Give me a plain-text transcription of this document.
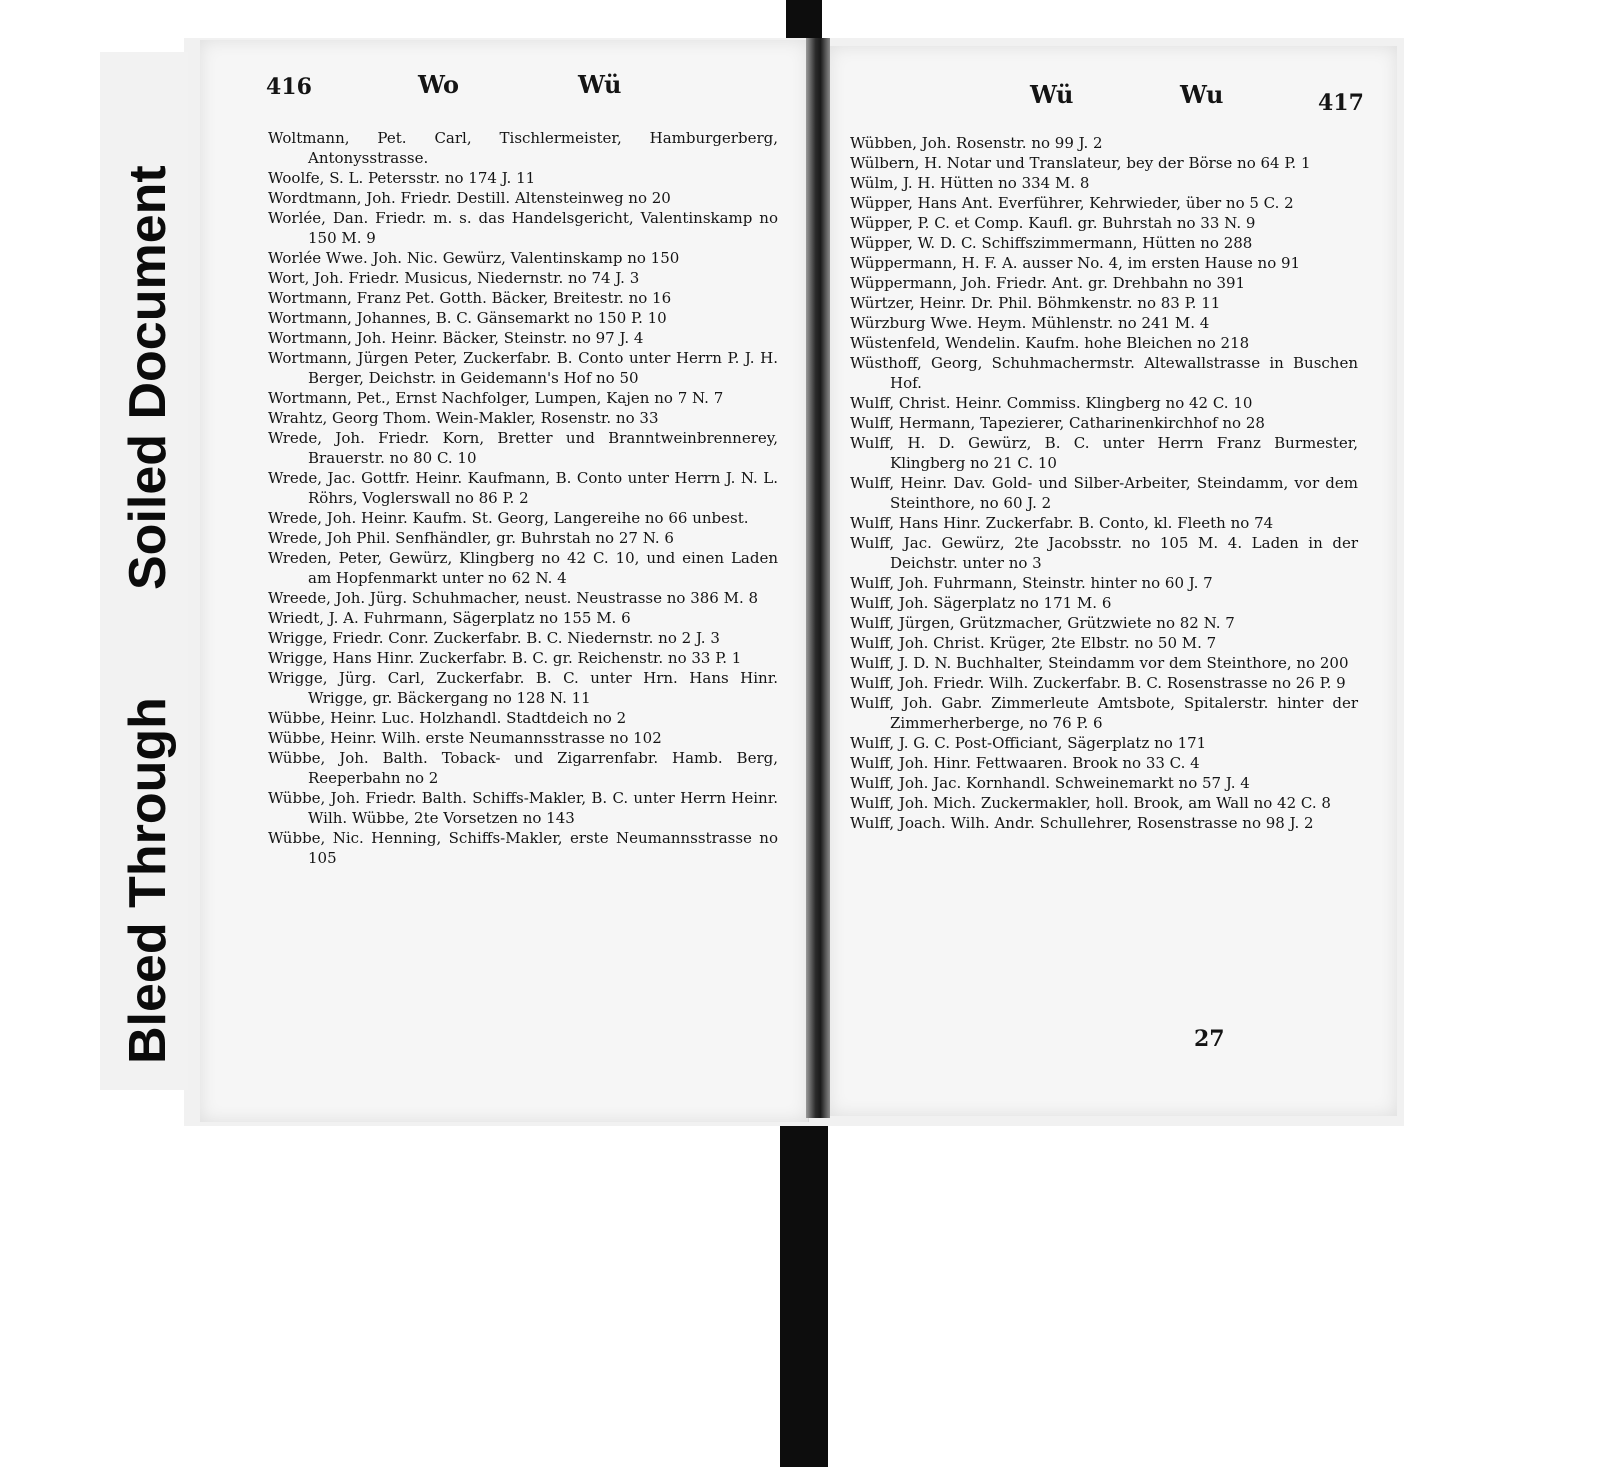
Soiled Document
Bleed Through
416	Wo	Wü	Wü	Wu	417
Woltmann, Pet. Carl, Tischlermeister, Hamburgerberg, Antonysstrasse.
Woolfe, S. L. Petersstr. no 174 J. 11
Wordtmann, Joh. Friedr. Destill. Altensteinweg no 20
Worlée, Dan. Friedr. m. s. das Handelsgericht, Valentinskamp no 150 M. 9
Worlée Wwe. Joh. Nic. Gewürz, Valentinskamp no 150
Wort, Joh. Friedr. Musicus, Niedernstr. no 74 J. 3
Wortmann, Franz Pet. Gotth. Bäcker, Breitestr. no 16
Wortmann, Johannes, B. C. Gänsemarkt no 150 P. 10
Wortmann, Joh. Heinr. Bäcker, Steinstr. no 97 J. 4
Wortmann, Jürgen Peter, Zuckerfabr. B. Conto unter Herrn P. J. H. Berger, Deichstr. in Geidemann's Hof no 50
Wortmann, Pet., Ernst Nachfolger, Lumpen, Kajen no 7 N. 7
Wrahtz, Georg Thom. Wein-Makler, Rosenstr. no 33
Wrede, Joh. Friedr. Korn, Bretter und Branntweinbrennerey, Brauerstr. no 80 C. 10
Wrede, Jac. Gottfr. Heinr. Kaufmann, B. Conto unter Herrn J. N. L. Röhrs, Voglerswall no 86 P. 2
Wrede, Joh. Heinr. Kaufm. St. Georg, Langereihe no 66 unbest.
Wrede, Joh Phil. Senfhändler, gr. Buhrstah no 27 N. 6
Wreden, Peter, Gewürz, Klingberg no 42 C. 10, und einen Laden am Hopfenmarkt unter no 62 N. 4
Wreede, Joh. Jürg. Schuhmacher, neust. Neustrasse no 386 M. 8
Wriedt, J. A. Fuhrmann, Sägerplatz no 155 M. 6
Wrigge, Friedr. Conr. Zuckerfabr. B. C. Niedernstr. no 2 J. 3
Wrigge, Hans Hinr. Zuckerfabr. B. C. gr. Reichenstr. no 33 P. 1
Wrigge, Jürg. Carl, Zuckerfabr. B. C. unter Hrn. Hans Hinr. Wrigge, gr. Bäckergang no 128 N. 11
Wübbe, Heinr. Luc. Holzhandl. Stadtdeich no 2
Wübbe, Heinr. Wilh. erste Neumannsstrasse no 102
Wübbe, Joh. Balth. Toback- und Zigarrenfabr. Hamb. Berg, Reeperbahn no 2
Wübbe, Joh. Friedr. Balth. Schiffs-Makler, B. C. unter Herrn Heinr. Wilh. Wübbe, 2te Vorsetzen no 143
Wübbe, Nic. Henning, Schiffs-Makler, erste Neumannsstrasse no 105
Wübben, Joh. Rosenstr. no 99 J. 2
Wülbern, H. Notar und Translateur, bey der Börse no 64 P. 1
Wülm, J. H. Hütten no 334 M. 8
Wüpper, Hans Ant. Everführer, Kehrwieder, über no 5 C. 2
Wüpper, P. C. et Comp. Kaufl. gr. Buhrstah no 33 N. 9
Wüpper, W. D. C. Schiffszimmermann, Hütten no 288
Wüppermann, H. F. A. ausser No. 4, im ersten Hause no 91
Wüppermann, Joh. Friedr. Ant. gr. Drehbahn no 391
Würtzer, Heinr. Dr. Phil. Böhmkenstr. no 83 P. 11
Würzburg Wwe. Heym. Mühlenstr. no 241 M. 4
Wüstenfeld, Wendelin. Kaufm. hohe Bleichen no 218
Wüsthoff, Georg, Schuhmachermstr. Altewallstrasse in Buschen Hof.
Wulff, Christ. Heinr. Commiss. Klingberg no 42 C. 10
Wulff, Hermann, Tapezierer, Catharinenkirchhof no 28
Wulff, H. D. Gewürz, B. C. unter Herrn Franz Burmester, Klingberg no 21 C. 10
Wulff, Heinr. Dav. Gold- und Silber-Arbeiter, Steindamm, vor dem Steinthore, no 60 J. 2
Wulff, Hans Hinr. Zuckerfabr. B. Conto, kl. Fleeth no 74
Wulff, Jac. Gewürz, 2te Jacobsstr. no 105 M. 4. Laden in der Deichstr. unter no 3
Wulff, Joh. Fuhrmann, Steinstr. hinter no 60 J. 7
Wulff, Joh. Sägerplatz no 171 M. 6
Wulff, Jürgen, Grützmacher, Grützwiete no 82 N. 7
Wulff, Joh. Christ. Krüger, 2te Elbstr. no 50 M. 7
Wulff, J. D. N. Buchhalter, Steindamm vor dem Steinthore, no 200
Wulff, Joh. Friedr. Wilh. Zuckerfabr. B. C. Rosenstrasse no 26 P. 9
Wulff, Joh. Gabr. Zimmerleute Amtsbote, Spitalerstr. hinter der Zimmerherberge, no 76 P. 6
Wulff, J. G. C. Post-Officiant, Sägerplatz no 171
Wulff, Joh. Hinr. Fettwaaren. Brook no 33 C. 4
Wulff, Joh. Jac. Kornhandl. Schweinemarkt no 57 J. 4
Wulff, Joh. Mich. Zuckermakler, holl. Brook, am Wall no 42 C. 8
Wulff, Joach. Wilh. Andr. Schullehrer, Rosenstrasse no 98 J. 2
27
